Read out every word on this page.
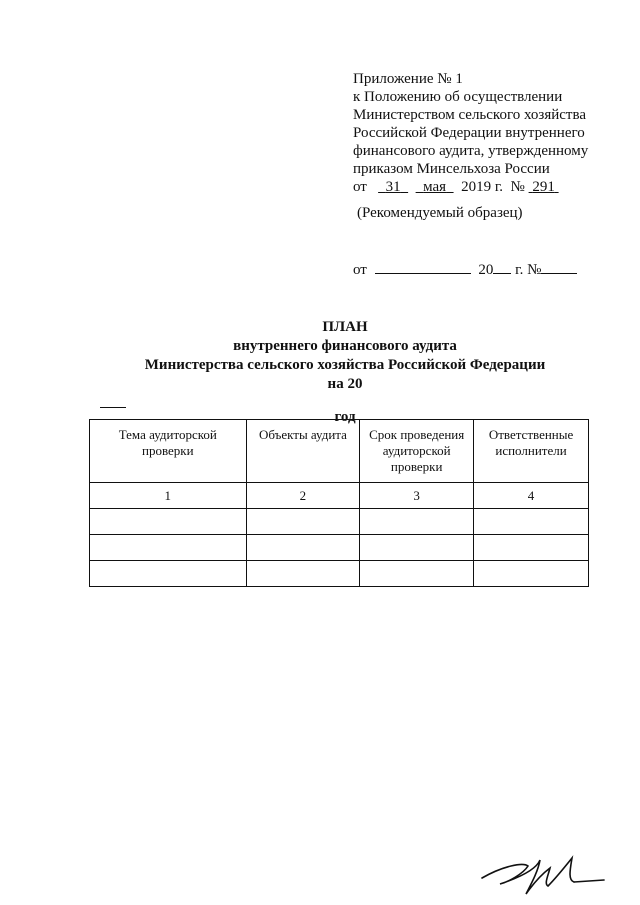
Приложение № 1
к Положению об осуществлении
Министерством сельского хозяйства
Российской Федерации внутреннего
финансового аудита, утвержденному
приказом Минсельхоза России
от 31 мая 2019 г. № 291
(Рекомендуемый образец)
от	20 г. №
ПЛАН
внутреннего финансового аудита
Министерства сельского хозяйства Российской Федерации
на 20
год
Тема аудиторской проверки	Объекты аудита	Срок проведения аудиторской проверки	Ответственные исполнители
1	2	3	4
